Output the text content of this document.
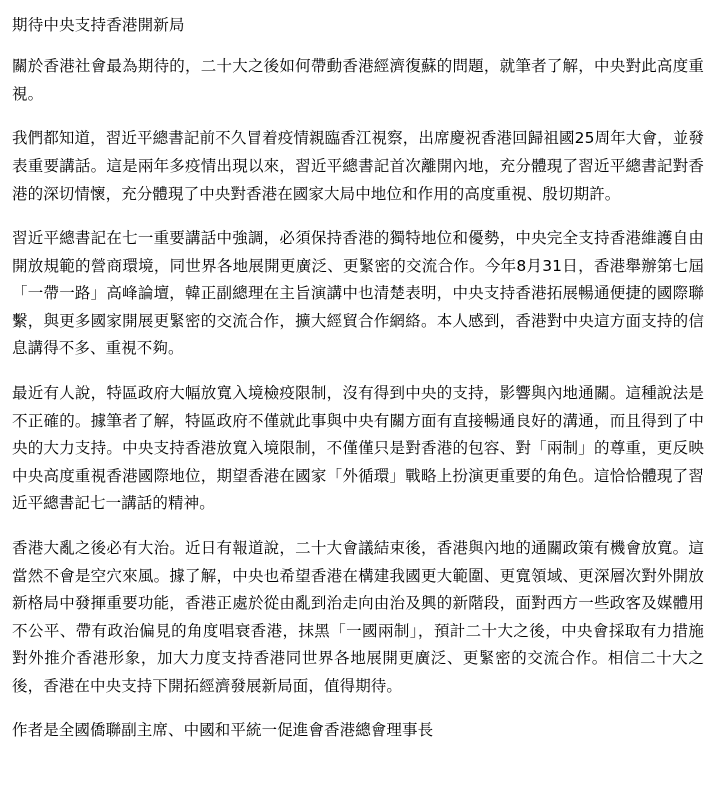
期待中央支持香港開新局

關於香港社會最為期待的，二十大之後如何帶動香港經濟復蘇的問題，就筆者了解，中央對此高度重視。

我們都知道，習近平總書記前不久冒着疫情親臨香江視察，出席慶祝香港回歸祖國25周年大會，並發表重要講話。這是兩年多疫情出現以來，習近平總書記首次離開內地，充分體現了習近平總書記對香港的深切情懷，充分體現了中央對香港在國家大局中地位和作用的高度重視、殷切期許。

習近平總書記在七一重要講話中強調，必須保持香港的獨特地位和優勢，中央完全支持香港維護自由開放規範的營商環境，同世界各地展開更廣泛、更緊密的交流合作。今年8月31日，香港舉辦第七屆「一帶一路」高峰論壇，韓正副總理在主旨演講中也清楚表明，中央支持香港拓展暢通便捷的國際聯繫，與更多國家開展更緊密的交流合作，擴大經貿合作網絡。本人感到，香港對中央這方面支持的信息講得不多、重視不夠。

最近有人說，特區政府大幅放寬入境檢疫限制，沒有得到中央的支持，影響與內地通關。這種說法是不正確的。據筆者了解，特區政府不僅就此事與中央有關方面有直接暢通良好的溝通，而且得到了中央的大力支持。中央支持香港放寬入境限制，不僅僅只是對香港的包容、對「兩制」的尊重，更反映中央高度重視香港國際地位，期望香港在國家「外循環」戰略上扮演更重要的角色。這恰恰體現了習近平總書記七一講話的精神。

香港大亂之後必有大治。近日有報道說，二十大會議結束後，香港與內地的通關政策有機會放寬。這當然不會是空穴來風。據了解，中央也希望香港在構建我國更大範圍、更寬領域、更深層次對外開放新格局中發揮重要功能，香港正處於從由亂到治走向由治及興的新階段，面對西方一些政客及媒體用不公平、帶有政治偏見的角度唱衰香港，抹黑「一國兩制」，預計二十大之後，中央會採取有力措施對外推介香港形象，加大力度支持香港同世界各地展開更廣泛、更緊密的交流合作。相信二十大之後，香港在中央支持下開拓經濟發展新局面，值得期待。

作者是全國僑聯副主席、中國和平統一促進會香港總會理事長
